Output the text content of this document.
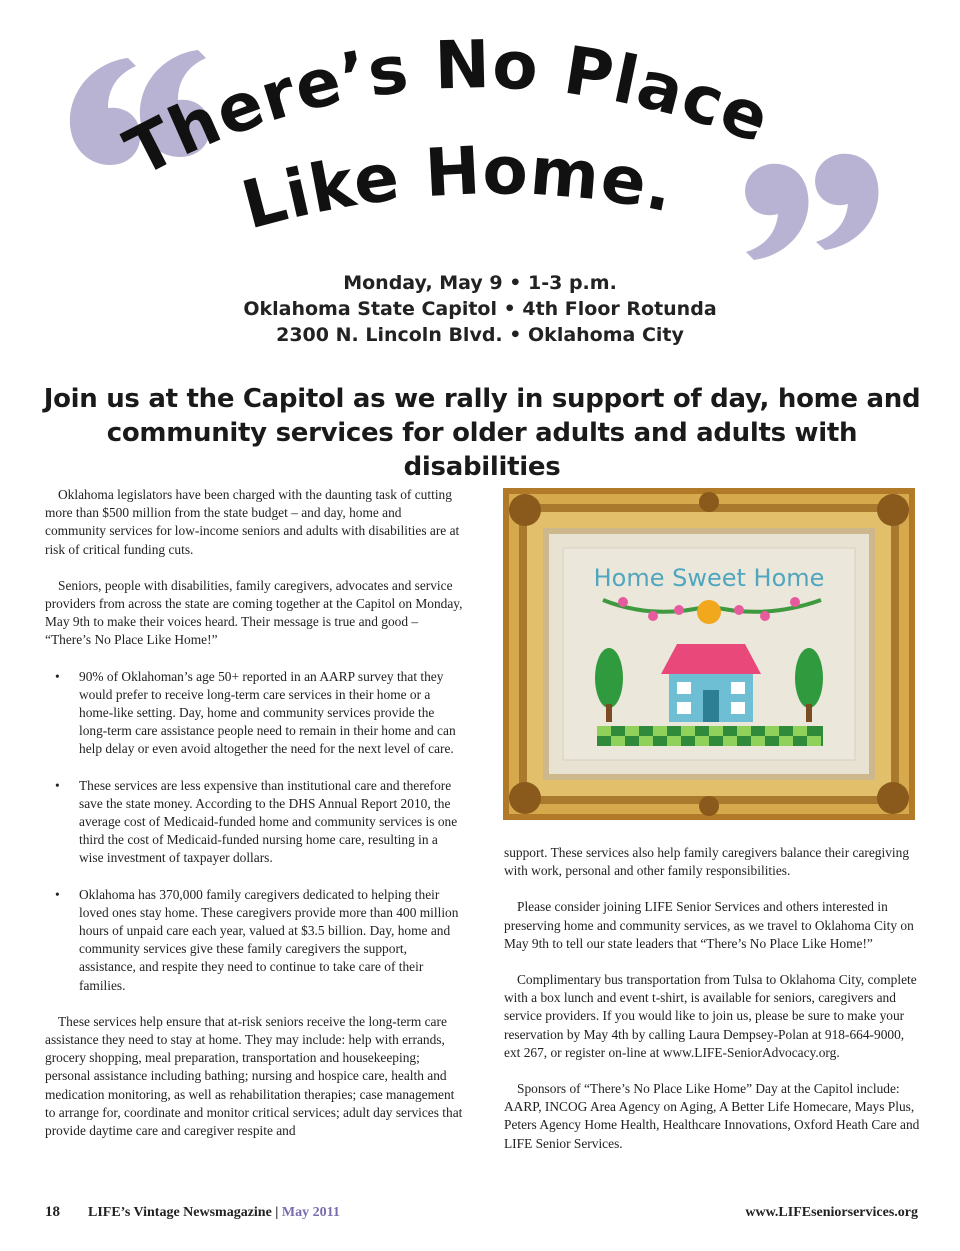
There’s No Place
Like Home.
Monday, May 9 • 1-3 p.m.
Oklahoma State Capitol • 4th Floor Rotunda
2300 N. Lincoln Blvd. • Oklahoma City
Join us at the Capitol as we rally in support of day, home and community services for older adults and adults with disabilities

Oklahoma legislators have been charged with the daunting task of cutting more than $500 million from the state budget – and day, home and community services for low-income seniors and adults with disabilities are at risk of critical funding cuts.

Seniors, people with disabilities, family caregivers, advocates and service providers from across the state are coming together at the Capitol on Monday, May 9th to make their voices heard. Their message is true and good – “There’s No Place Like Home!”

• 90% of Oklahoman’s age 50+ reported in an AARP survey that they would prefer to receive long-term care services in their home or a home-like setting. Day, home and community services provide the long-term care assistance people need to remain in their home and can help delay or even avoid altogether the need for the next level of care.
• These services are less expensive than institutional care and therefore save the state money. According to the DHS Annual Report 2010, the average cost of Medicaid-funded home and community services is one third the cost of Medicaid-funded nursing home care, resulting in a wise investment of taxpayer dollars.
• Oklahoma has 370,000 family caregivers dedicated to helping their loved ones stay home. These caregivers provide more than 400 million hours of unpaid care each year, valued at $3.5 billion. Day, home and community services give these family caregivers the support, assistance, and respite they need to continue to take care of their families.

These services help ensure that at-risk seniors receive the long-term care assistance they need to stay at home. They may include: help with errands, grocery shopping, meal preparation, transportation and housekeeping; personal assistance including bathing; nursing and hospice care, health and medication monitoring, as well as rehabilitation therapies; case management to arrange for, coordinate and monitor critical services; adult day services that provide daytime care and caregiver respite and

Home Sweet Home

support. These services also help family caregivers balance their caregiving with work, personal and other family responsibilities.

Please consider joining LIFE Senior Services and others interested in preserving home and community services, as we travel to Oklahoma City on May 9th to tell our state leaders that “There’s No Place Like Home!”

Complimentary bus transportation from Tulsa to Oklahoma City, complete with a box lunch and event t-shirt, is available for seniors, caregivers and service providers. If you would like to join us, please be sure to make your reservation by May 4th by calling Laura Dempsey-Polan at 918-664-9000, ext 267, or register on-line at www.LIFE-SeniorAdvocacy.org.

Sponsors of “There’s No Place Like Home” Day at the Capitol include: AARP, INCOG Area Agency on Aging, A Better Life Homecare, Mays Plus, Peters Agency Home Health, Healthcare Innovations, Oxford Heath Care and LIFE Senior Services.

18 LIFE’s Vintage Newsmagazine | May 2011	www.LIFEseniorservices.org
